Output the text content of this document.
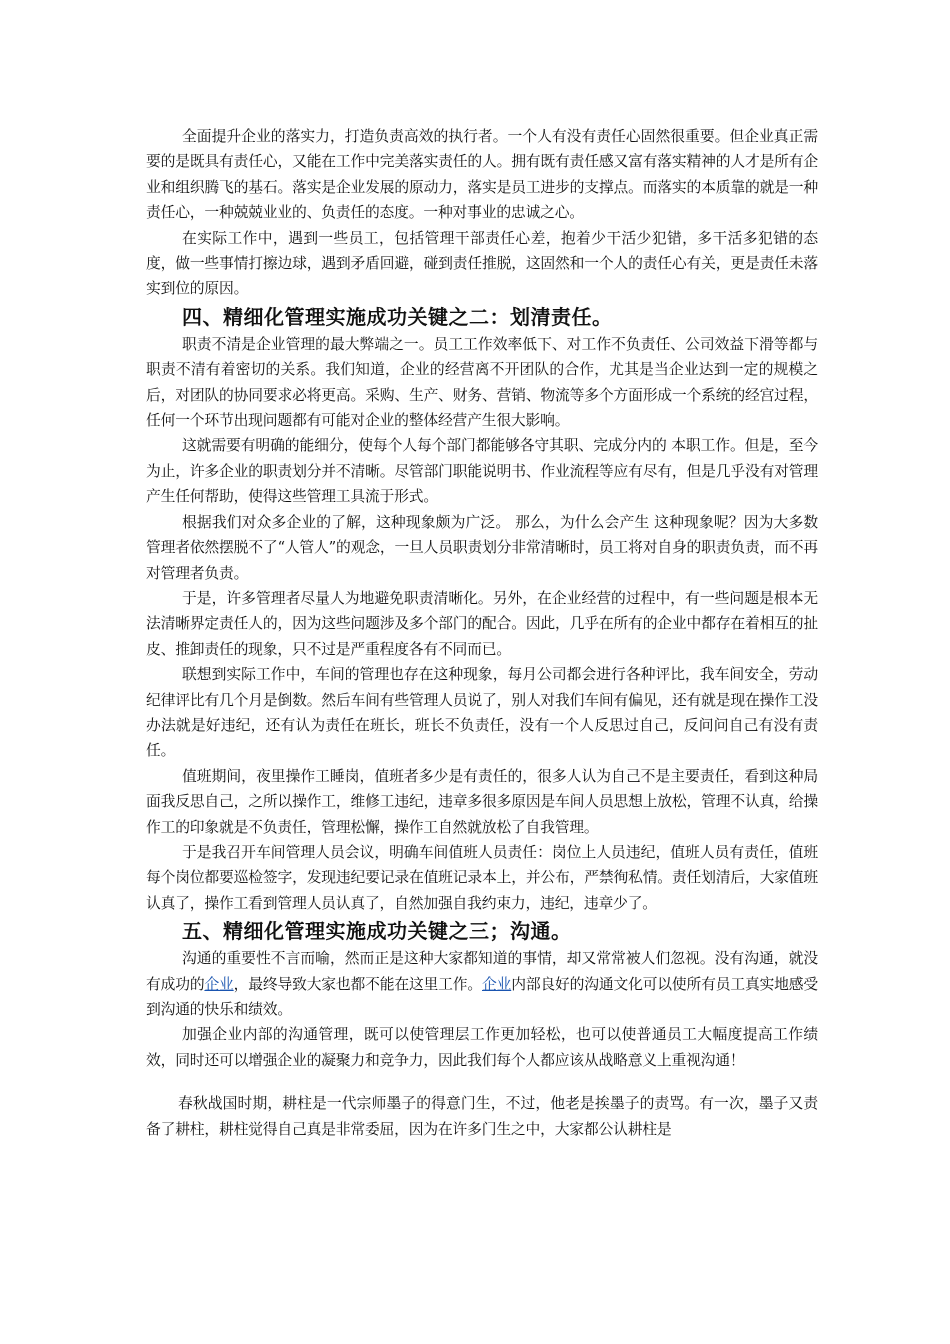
全面提升企业的落实力，打造负责高效的执行者。一个人有没有责任心固然很重要。但企业真正需要的是既具有责任心，又能在工作中完美落实责任的人。拥有既有责任感又富有落实精神的人才是所有企业和组织腾飞的基石。落实是企业发展的原动力，落实是员工进步的支撑点。而落实的本质靠的就是一种责任心，一种兢兢业业的、负责任的态度。一种对事业的忠诚之心。

在实际工作中，遇到一些员工，包括管理干部责任心差，抱着少干活少犯错，多干活多犯错的态度，做一些事情打擦边球，遇到矛盾回避，碰到责任推脱，这固然和一个人的责任心有关，更是责任未落实到位的原因。

四、精细化管理实施成功关键之二：划清责任。

职责不清是企业管理的最大弊端之一。员工工作效率低下、对工作不负责任、公司效益下滑等都与职责不清有着密切的关系。我们知道，企业的经营离不开团队的合作，尤其是当企业达到一定的规模之后，对团队的协同要求必将更高。采购、生产、财务、营销、物流等多个方面形成一个系统的经宫过程，任何一个环节出现问题都有可能对企业的整体经营产生很大影响。

这就需要有明确的能细分，使每个人每个部门都能够各守其职、完成分内的 本职工作。但是，至今为止，许多企业的职责划分并不清晰。尽管部门职能说明书、作业流程等应有尽有，但是几乎没有对管理产生任何帮助，使得这些管理工具流于形式。

根据我们对众多企业的了解，这种现象颇为广泛。 那么，为什么会产生 这种现象呢？因为大多数管理者依然摆脱不了“人管人”的观念，一旦人员职责划分非常清晰时，员工将对自身的职责负责，而不再对管理者负责。

于是，许多管理者尽量人为地避免职责清晰化。另外，在企业经营的过程中，有一些问题是根本无法清晰界定责任人的，因为这些问题涉及多个部门的配合。因此，几乎在所有的企业中都存在着相互的扯皮、推卸责任的现象，只不过是严重程度各有不同而已。

联想到实际工作中，车间的管理也存在这种现象，每月公司都会进行各种评比，我车间安全，劳动纪律评比有几个月是倒数。然后车间有些管理人员说了，别人对我们车间有偏见，还有就是现在操作工没办法就是好违纪，还有认为责任在班长，班长不负责任，没有一个人反思过自己，反问问自己有没有责任。

值班期间，夜里操作工睡岗，值班者多少是有责任的，很多人认为自己不是主要责任，看到这种局面我反思自己，之所以操作工，维修工违纪，违章多很多原因是车间人员思想上放松，管理不认真，给操作工的印象就是不负责任，管理松懈，操作工自然就放松了自我管理。

于是我召开车间管理人员会议，明确车间值班人员责任：岗位上人员违纪，值班人员有责任，值班每个岗位都要巡检签字，发现违纪要记录在值班记录本上，并公布，严禁徇私情。责任划清后，大家值班认真了，操作工看到管理人员认真了，自然加强自我约束力，违纪，违章少了。

五、精细化管理实施成功关键之三；沟通。

沟通的重要性不言而喻，然而正是这种大家都知道的事情，却又常常被人们忽视。没有沟通，就没有成功的企业，最终导致大家也都不能在这里工作。企业内部良好的沟通文化可以使所有员工真实地感受到沟通的快乐和绩效。

加强企业内部的沟通管理，既可以使管理层工作更加轻松，也可以使普通员工大幅度提高工作绩效，同时还可以增强企业的凝聚力和竞争力，因此我们每个人都应该从战略意义上重视沟通！

春秋战国时期，耕柱是一代宗师墨子的得意门生，不过，他老是挨墨子的责骂。有一次，墨子又责备了耕柱，耕柱觉得自己真是非常委屈，因为在许多门生之中，大家都公认耕柱是
